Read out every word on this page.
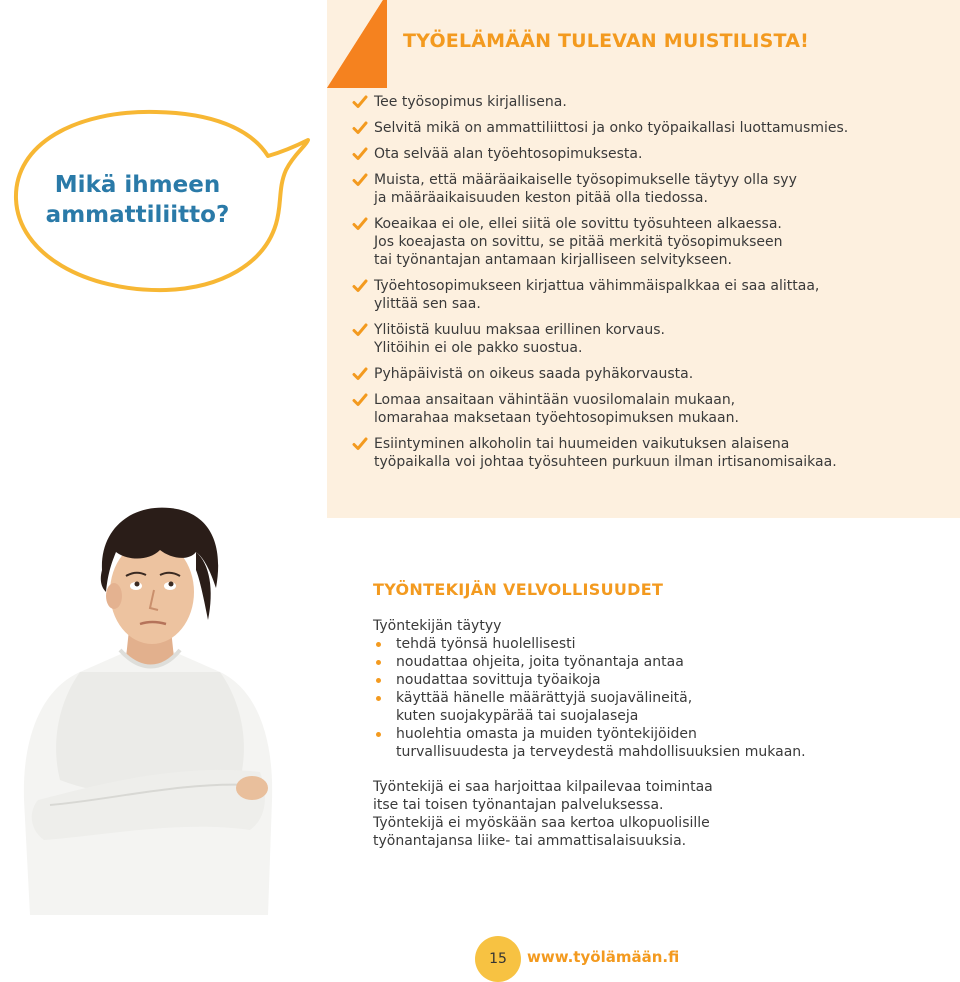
TYÖELÄMÄÄN TULEVAN MUISTILISTA!
Tee työsopimus kirjallisena.
Selvitä mikä on ammattiliittosi ja onko työpaikallasi luottamusmies.
Ota selvää alan työehtosopimuksesta.
Muista, että määräaikaiselle työsopimukselle täytyy olla syy
ja määräaikaisuuden keston pitää olla tiedossa.
Koeaikaa ei ole, ellei siitä ole sovittu työsuhteen alkaessa.
Jos koeajasta on sovittu, se pitää merkitä työsopimukseen
tai työnantajan antamaan kirjalliseen selvitykseen.
Työehtosopimukseen kirjattua vähimmäispalkkaa ei saa alittaa,
ylittää sen saa.
Ylitöistä kuuluu maksaa erillinen korvaus.
Ylitöihin ei ole pakko suostua.
Pyhäpäivistä on oikeus saada pyhäkorvausta.
Lomaa ansaitaan vähintään vuosilomalain mukaan,
lomarahaa maksetaan työehtosopimuksen mukaan.
Esiintyminen alkoholin tai huumeiden vaikutuksen alaisena
työpaikalla voi johtaa työsuhteen purkuun ilman irtisanomisaikaa.
Mikä ihmeen
ammattiliitto?
TYÖNTEKIJÄN VELVOLLISUUDET
Työntekijän täytyy
tehdä työnsä huolellisesti
noudattaa ohjeita, joita työnantaja antaa
noudattaa sovittuja työaikoja
käyttää hänelle määrättyjä suojavälineitä,
kuten suojakypärää tai suojalaseja
huolehtia omasta ja muiden työntekijöiden
turvallisuudesta ja terveydestä mahdollisuuksien mukaan.
Työntekijä ei saa harjoittaa kilpailevaa toimintaa
itse tai toisen työnantajan palveluksessa.
Työntekijä ei myöskään saa kertoa ulkopuolisille
työnantajansa liike- tai ammattisalaisuuksia.
15	www.työlämään.fi
